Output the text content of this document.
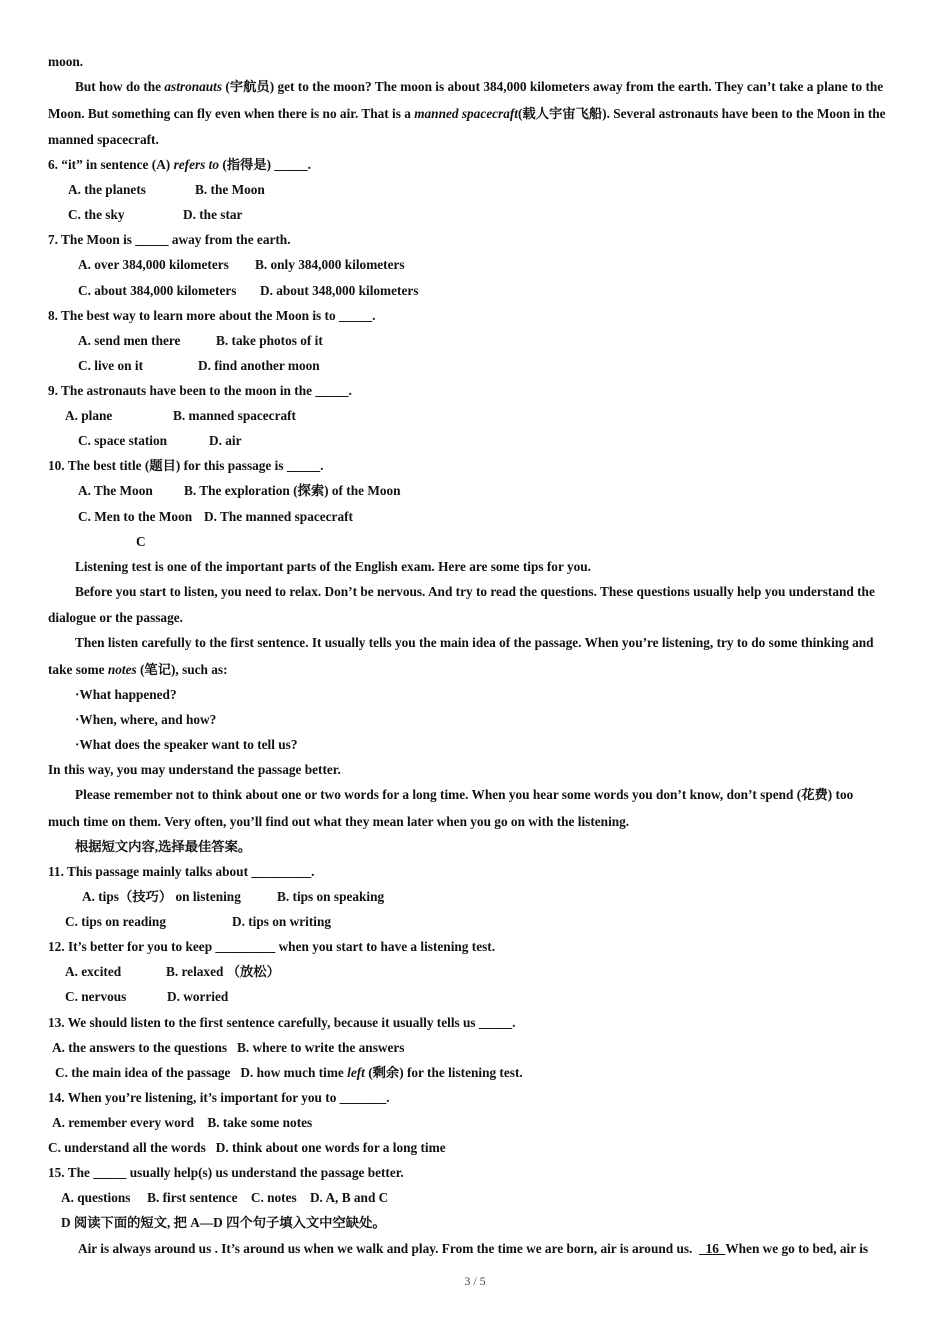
moon.
But how do the astronauts (宇航员) get to the moon? The moon is about 384,000 kilometers away from the earth. They can’t take a plane to the
Moon. But something can fly even when there is no air. That is a manned spacecraft(载人宇宙飞船). Several astronauts have been to the Moon in the
manned spacecraft.
6. “it” in sentence (A) refers to (指得是) _____.
A. the planets	B. the Moon
C. the sky	D. the star
7. The Moon is _____ away from the earth.
A. over 384,000 kilometers B. only 384,000 kilometers
C. about 384,000 kilometers D. about 348,000 kilometers
8. The best way to learn more about the Moon is to _____.
A. send men there	B. take photos of it
C. live on it	D. find another moon
9. The astronauts have been to the moon in the _____.
A. plane	B. manned spacecraft
C. space station	D. air
10. The best title (题目) for this passage is _____.
A. The Moon B. The exploration (探索) of the Moon
C. Men to the Moon D. The manned spacecraft
C
Listening test is one of the important parts of the English exam. Here are some tips for you.
Before you start to listen, you need to relax. Don’t be nervous. And try to read the questions. These questions usually help you understand the
dialogue or the passage.
Then listen carefully to the first sentence. It usually tells you the main idea of the passage. When you’re listening, try to do some thinking and
take some notes (笔记), such as:
·What happened?
·When, where, and how?
·What does the speaker want to tell us?
In this way, you may understand the passage better.
Please remember not to think about one or two words for a long time. When you hear some words you don’t know, don’t spend (花费) too
much time on them. Very often, you’ll find out what they mean later when you go on with the listening.
根据短文内容,选择最佳答案。
11. This passage mainly talks about _________.
A. tips（技巧） on listening	B. tips on speaking
C. tips on reading	D. tips on writing
12. It’s better for you to keep _________ when you start to have a listening test.
A. excited	B. relaxed （放松）
C. nervous	D. worried
13. We should listen to the first sentence carefully, because it usually tells us _____.
A. the answers to the questions   B. where to write the answers
C. the main idea of the passage   D. how much time left (剩余) for the listening test.
14. When you’re listening, it’s important for you to _______.
A. remember every word    B. take some notes
C. understand all the words   D. think about one words for a long time
15. The _____ usually help(s) us understand the passage better.
A. questions     B. first sentence    C. notes    D. A, B and C
D 阅读下面的短文, 把 A—D 四个句子填入文中空缺处。
Air is always around us . It’s around us when we walk and play. From the time we are born, air is around us.    16  When we go to bed, air is
3 / 5
